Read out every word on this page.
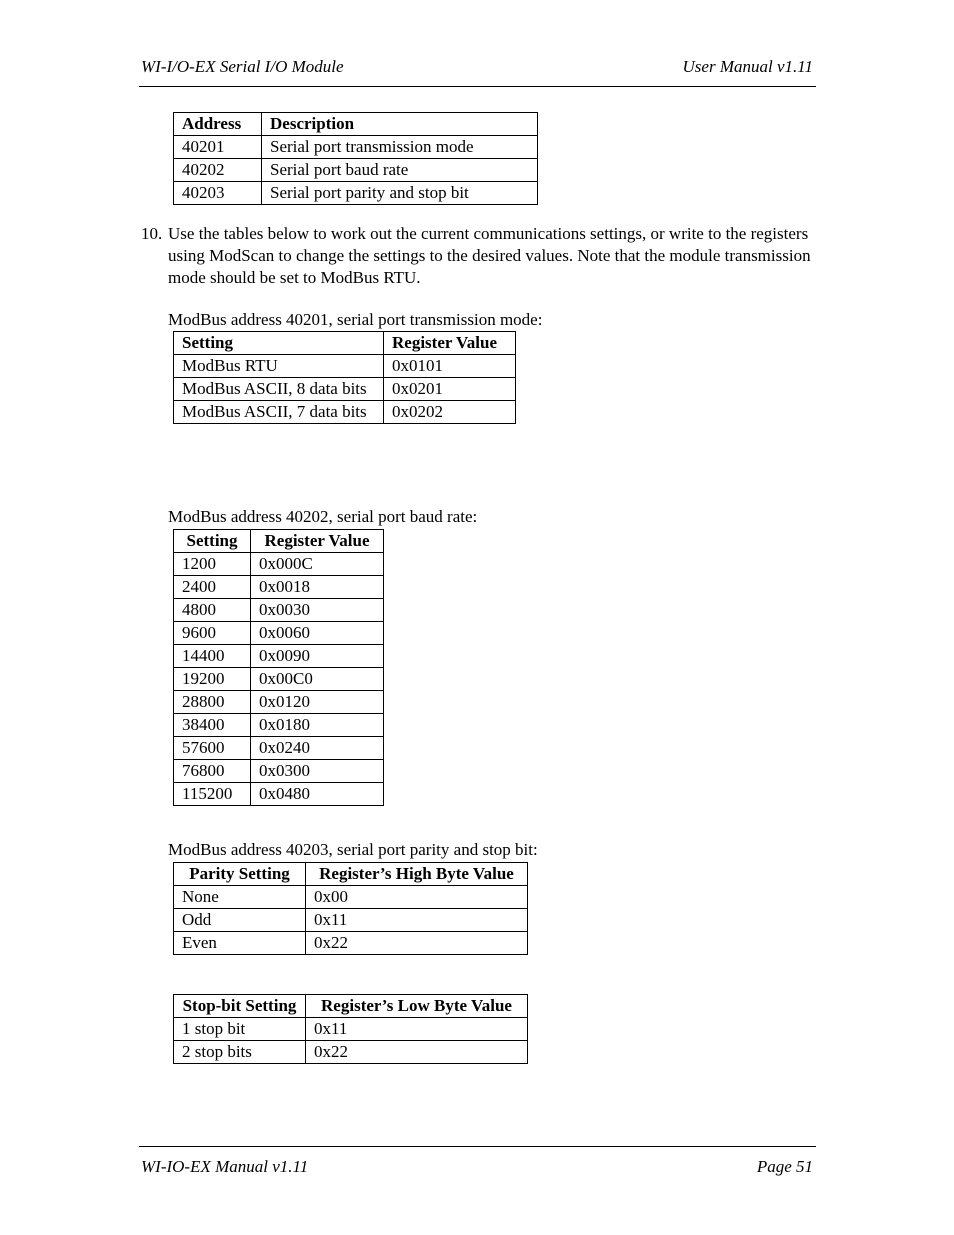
WI-I/O-EX Serial I/O Module	User Manual v1.11
Address	Description
40201	Serial port transmission mode
40202	Serial port baud rate
40203	Serial port parity and stop bit
10. Use the tables below to work out the current communications settings, or write to the registers using ModScan to change the settings to the desired values. Note that the module transmission mode should be set to ModBus RTU.
ModBus address 40201, serial port transmission mode:
Setting	Register Value
ModBus RTU	0x0101
ModBus ASCII, 8 data bits	0x0201
ModBus ASCII, 7 data bits	0x0202
ModBus address 40202, serial port baud rate:
Setting	Register Value
1200	0x000C
2400	0x0018
4800	0x0030
9600	0x0060
14400	0x0090
19200	0x00C0
28800	0x0120
38400	0x0180
57600	0x0240
76800	0x0300
115200	0x0480
ModBus address 40203, serial port parity and stop bit:
Parity Setting	Register’s High Byte Value
None	0x00
Odd	0x11
Even	0x22
Stop-bit Setting	Register’s Low Byte Value
1 stop bit	0x11
2 stop bits	0x22
WI-IO-EX Manual v1.11	Page 51
